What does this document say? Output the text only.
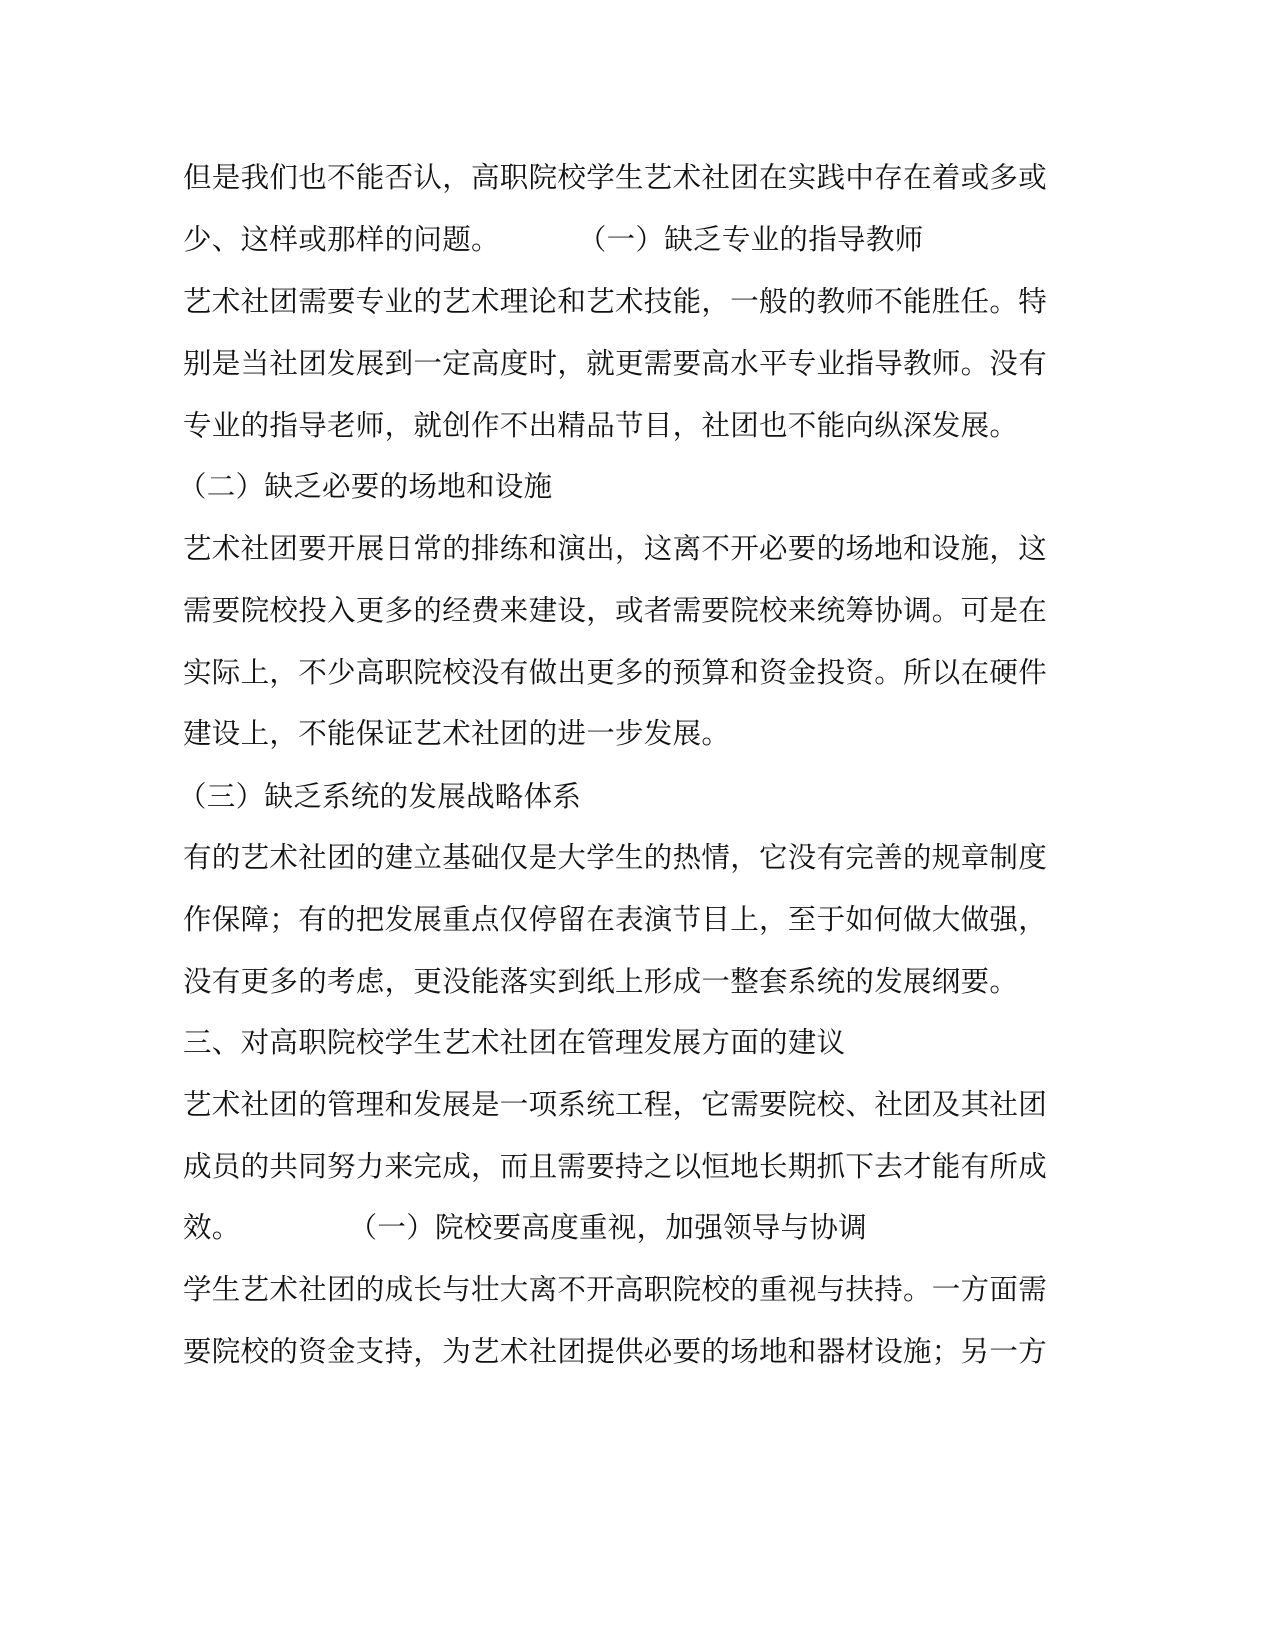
但是我们也不能否认，高职院校学生艺术社团在实践中存在着或多或
少、这样或那样的问题。	（一）缺乏专业的指导教师
艺术社团需要专业的艺术理论和艺术技能，一般的教师不能胜任。特
别是当社团发展到一定高度时，就更需要高水平专业指导教师。没有
专业的指导老师，就创作不出精品节目，社团也不能向纵深发展。
（二）缺乏必要的场地和设施
艺术社团要开展日常的排练和演出，这离不开必要的场地和设施，这
需要院校投入更多的经费来建设，或者需要院校来统筹协调。可是在
实际上，不少高职院校没有做出更多的预算和资金投资。所以在硬件
建设上，不能保证艺术社团的进一步发展。
（三）缺乏系统的发展战略体系
有的艺术社团的建立基础仅是大学生的热情，它没有完善的规章制度
作保障；有的把发展重点仅停留在表演节目上，至于如何做大做强，
没有更多的考虑，更没能落实到纸上形成一整套系统的发展纲要。
三、对高职院校学生艺术社团在管理发展方面的建议
艺术社团的管理和发展是一项系统工程，它需要院校、社团及其社团
成员的共同努力来完成，而且需要持之以恒地长期抓下去才能有所成
效。	（一）院校要高度重视，加强领导与协调
学生艺术社团的成长与壮大离不开高职院校的重视与扶持。一方面需
要院校的资金支持，为艺术社团提供必要的场地和器材设施；另一方
